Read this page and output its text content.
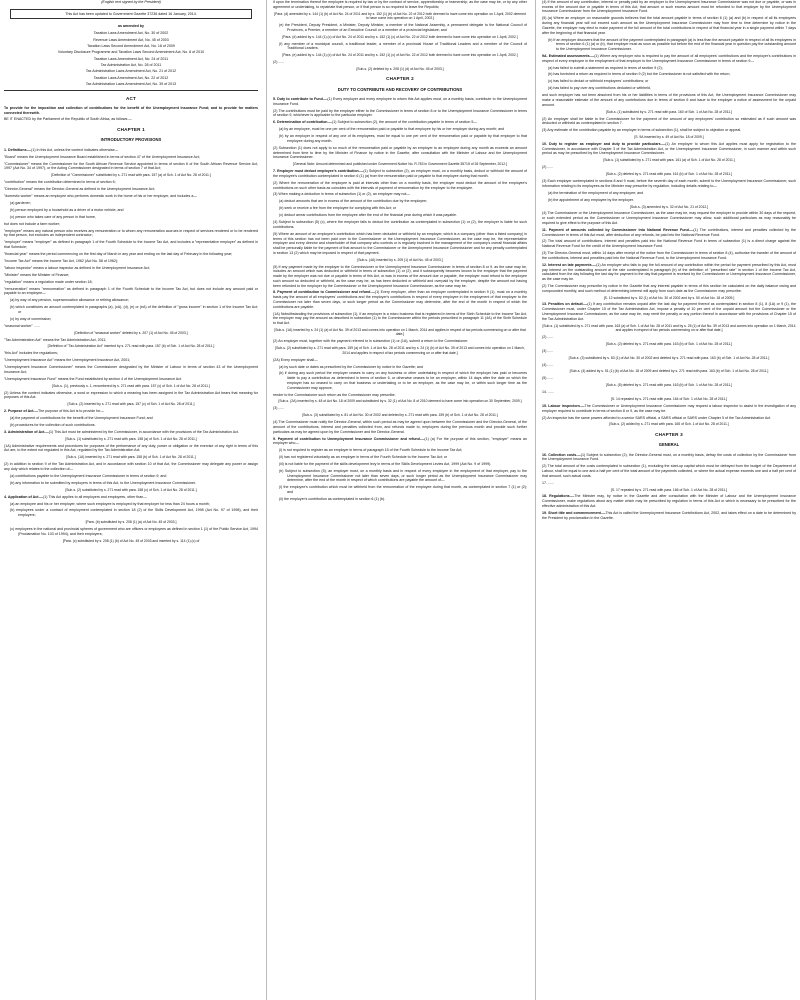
(English text signed by the President)

This Act has been updated to Government Gazette 37236 dated 16 January, 2014.

as amended by

Taxation Laws Amendment Act, No. 30 of 2002

Revenue Laws Amendment Act, No. 45 of 2003

Taxation Laws Second Amendment Act, No. 18 of 2009

Voluntary Disclosure Programme and Taxation Laws Second Amendment Act, No. 8 of 2010

Taxation Laws Amendment Act, No. 24 of 2011

Tax Administration Act, No. 28 of 2011

Tax Administration Laws Amendment Act, No. 21 of 2012

Taxation Laws Amendment Act, No. 22 of 2012

Tax Administration Laws Amendment Act, No. 39 of 2013

ACT

To provide for the imposition and collection of contributions for the benefit of the Unemployment Insurance Fund; and to provide for matters connected therewith.

BE IT ENACTED by the Parliament of the Republic of South Africa, as follows:—

CHAPTER 1
INTRODUCTORY PROVISIONS

1. Definitions.—(1) In this Act, unless the context indicates otherwise—

"Board" means the Unemployment Insurance Board established in terms of section 47 of the Unemployment Insurance Act;

"Commissioner" means the Commissioner for the South African Revenue Service appointed in terms of section 6 of the South African Revenue Service Act, 1997 (Act No. 34 of 1997), or the Acting Commissioner designated in terms of section 7 of that Act;

[Definition of "Commissioner" substituted by s. 271 read with para. 157 (a) of Sch. 1 of Act No. 28 of 2011.]

"contribution" means the contribution determined in terms of section 6;

"Director-General" means the Director-General as defined in the Unemployment Insurance Act;

"domestic worker" means an employee who performs domestic work in the home of his or her employer, and includes a—

(a) gardener;

(b) person employed by a household as a driver of a motor vehicle; and

(c) person who takes care of any person in that home,

but does not include a farm worker;

"employee" means any natural person who receives any remuneration or to whom any remuneration accrues in respect of services rendered or to be rendered by that person, but excludes an independent contractor;

"employer" means "employer" as defined in paragraph 1 of the Fourth Schedule to the Income Tax Act, and includes a "representative employer" as defined in that Schedule;

"financial year" means the period commencing on the first day of March in any year and ending on the last day of February in the following year;

"Income Tax Act" means the Income Tax Act, 1962 (Act No. 58 of 1962);

"labour inspector" means a labour inspector as defined in the Unemployment Insurance Act;

"Minister" means the Minister of Finance;

"regulation" means a regulation made under section 18;

"remuneration" means "remuneration" as defined in paragraph 1 of the Fourth Schedule to the Income Tax Act, but does not include any amount paid or payable to an employee—

(a) by way of any pension, superannuation allowance or retiring allowance;

(b) which constitutes an amount contemplated in paragraphs (a), (cA), (d), (e) or (eA) of the definition of "gross income" in section 1 of the Income Tax Act; or

(c) by way of commission;

"seasonal worker" ......

[Definition of "seasonal worker" deleted by s. 207 (1) of Act No. 45 of 2003.]

"Tax Administration Act" means the Tax Administration Act, 2011;

[Definition of "Tax Administration Act" inserted by s. 271 read with para. 157 (b) of Sch. 1 of Act No. 28 of 2011.]

"this Act" includes the regulations;

"Unemployment Insurance Act" means the Unemployment Insurance Act, 2001;

"Unemployment Insurance Commissioner" means the Commissioner designated by the Minister of Labour in terms of section 43 of the Unemployment Insurance Act;

"Unemployment Insurance Fund" means the Fund established by section 4 of the Unemployment Insurance Act.

[Sub-s. (1), previously s. 1, renumbered by s. 271 read with para. 157 (c) of Sch. 1 of Act No. 28 of 2011.]

(2) Unless the context indicates otherwise, a word or expression to which a meaning has been assigned in the Tax Administration Act bears that meaning for purposes of this Act.

[Sub-s. (2) inserted by s. 271 read with para. 157 (c) of Sch. 1 of Act No. 28 of 2011.]

2. Purpose of Act.—The purpose of this Act is to provide for—

(a) the payment of contributions for the benefit of the Unemployment Insurance Fund; and

(b) procedures for the collection of such contributions.

3. Administration of Act.—(1) This Act must be administered by the Commissioner, in accordance with the provisions of the Tax Administration Act.

[Sub-s. (1) substituted by s. 271 read with para. 158 (a) of Sch. 1 of Act No. 28 of 2011.]

(1A) Administrative requirements and procedures for purposes of the performance of any duty, power or obligation or the exercise of any right in terms of this Act are, to the extent not regulated in this Act, regulated by the Tax Administration Act.

[Sub-s. (1A) inserted by s. 271 read with para. 158 (b) of Sch. 1 of Act No. 28 of 2011.]

(2) In addition to section 9 of the Tax Administration Act, and in accordance with section 10 of that Act, the Commissioner may delegate any power or assign any duty which relates to the collection of—

(a) contributions payable to the Unemployment Insurance Commissioner in terms of section 9; and

(b) any information to be submitted by employers in terms of this Act, to the Unemployment Insurance Commissioner.

[Sub-s. (2) substituted by s. 271 read with para. 158 (c) of Sch. 1 of Act No. 28 of 2011.]

4. Application of Act.—(1) This Act applies to all employers and employees, other than—

(a) an employee and his or her employer, where such employee is employed by that employer for less than 24 hours a month;

(b) employees under a contract of employment contemplated in section 18 (2) of the Skills Development Act, 1998 (Act No. 97 of 1998), and their employers;

[Para. (b) substituted by s. 208 (1) (a) of Act No. 45 of 2003.]

(c) employees in the national and provincial spheres of government who are officers or employees as defined in section 1 (1) of the Public Service Act, 1994 (Proclamation No. 103 of 1994), and their employers;

[Para. (c) substituted by s. 208 (1) (b) of Act No. 45 of 2003 and inserted by s. 114 (1) (c) of

if upon the termination thereof the employee is required by law or by the contract of service, apprenticeship or learnership, as the case may be, or by any other agreement or undertaking, to repatriate that person, or if that person is so required to leave the Republic;

[Para. (d) amended by s. 144 (1) (b) of Act No. 24 of 2011 and by s. 152 (1) (b) of Act No. 22 of 2012 both deemed to have come into operation on 1 April, 2002 deemed to have come into operation on 1 April, 2002.]

(e) the President, Deputy President, a Minister, Deputy Minister, a member of the National Assembly, a permanent delegate to the National Council of Provinces, a Premier, a member of an Executive Council or a member of a provincial legislature; and

[Para. (d) added by s. 144 (1) (c) of Act No. 24 of 2011 and by s. 152 (1) (c) of Act No. 22 of 2012 both deemed to have come into operation on 1 April, 2002.]

(f) any member of a municipal council, a traditional leader, a member of a provincial House of Traditional Leaders and a member of the Council of Traditional Leaders.

[Para. (e) added by s. 144 (1) (c) of Act No. 24 of 2011 and by s. 152 (1) (c) of Act No. 22 of 2012 both deemed to have come into operation on 1 April, 2002.]

(2) ......

[Sub-s. (2) deleted by s. 208 (1) (d) of Act No. 45 of 2003.]

CHAPTER 2
DUTY TO CONTRIBUTE AND RECOVERY OF CONTRIBUTIONS

5. Duty to contribute to Fund.—(1) Every employer and every employee to whom this Act applies must, on a monthly basis, contribute to the Unemployment Insurance Fund.

(2) The contributions must be paid by the employer either to the Commissioner in terms of section 8 or to the Unemployment Insurance Commissioner in terms of section 9, whichever is applicable to the particular employer.

6. Determination of contribution.—(1) Subject to subsection (2), the amount of the contribution payable in terms of section 5—

(a) by an employee, must be one per cent of the remuneration paid or payable to that employee by his or her employer during any month; and

(b) by an employer in respect of any one of its employees, must be equal to one per cent of the remuneration paid or payable by that employer to that employee during any month.

(2) Subsection (1) does not apply to so much of the remuneration paid or payable by an employer to an employee during any month as exceeds an amount determined from time to time by the Minister of Finance by notice in the Gazette, after consultation with the Minister of Labour and the Unemployment Insurance Commissioner.

[General Note: Amount determined and published under Government Notice No. R.783 in Government Gazette 35715 of 26 September, 2012.]

7. Employer must deduct employee's contribution.—(1) Subject to subsection (2), an employer must, on a monthly basis, deduct or withhold the amount of the employee's contribution contemplated in section 6 (1) (a) from the remuneration paid or payable to that employee during that month.

(2) Where the remuneration of the employee is paid at intervals other than on a monthly basis, the employer must deduct the amount of the employee's contributions on such other basis as coincides with the intervals of payment of remuneration by the employer to the employee.

(3) When making a deduction in terms of subsection (1) or (2), an employer may not—

(a) deduct amounts that are in excess of the amount of the contribution due by the employee;

(b) seek or receive a fee from the employee for complying with this Act; or

(c) deduct arrear contributions from the employee after the end of the financial year during which it was payable.

(4) Subject to subsection (5) (c), where the employer fails to deduct the contribution as contemplated in subsection (1) or (2), the employer is liable for such contributions.

(5) Where an amount of an employee's contribution which has been deducted or withheld by an employer, which is a company (other than a listed company) in terms of this section has not been paid over to the Commissioner or the Unemployment Insurance Commissioner, as the case may be, the representative employer and every director and shareholder of that company who controls or is regularly involved in the management of the company's overall financial affairs shall be personally liable for the payment of that amount to the Commissioner or the Unemployment Insurance Commissioner and for any penalty contemplated in section 13 (2) which may be imposed in respect of that payment.

[Sub-s. (4A) inserted by s. 209 (1) of Act No. 45 of 2003.]

(5) If any payment made by the employer to the Commissioner or the Unemployment Insurance Commissioner in terms of section 8 or 9, as the case may be, includes an amount which was deducted or withheld in terms of subsection (1) or (2), and it subsequently becomes known to the employer that the payment made by the employer was not due or payable in terms of this Act, or was in excess of the amount due or payable, the employer must refund to the employee such amount so deducted or withheld, as the case may be, as has been deducted or withheld and overpaid by the employer, despite the amount not having been refunded to the employer by the Commissioner or the Unemployment Insurance Commissioner, as the case may be.

8. Payment of contribution to Commissioner and refund.—(1) Every employer, other than an employer contemplated in section 9 (1), must on a monthly basis pay the amount of all employees' contributions and the employer's contributions in respect of every employee in the employment of that employer to the Commissioner not later than seven days, or such longer period as the Commissioner may determine, after the end of the month in respect of which the contributions are payable.

(1A) Notwithstanding the provisions of subsection (1), if an employer is a micro business that is registered in terms of the Sixth Schedule to the Income Tax Act, the employer may pay the amount as described in subsection (1) to the Commissioner within the periods prescribed in paragraph 11 (4A) of the Sixth Schedule to that Act.

[Sub-s. (1A) inserted by s. 24 (1) (a) of Act No. 39 of 2013 and comes into operation on 1 March, 2014 and applies in respect of tax periods commencing on or after that date.]

(2) An employer must, together with the payment referred to in subsection (1) or (1A), submit a return to the Commissioner.

[Sub-s. (2) substituted by s. 271 read with para. 159 (a) of Sch. 1 of Act No. 28 of 2011 and by s. 24 (1) (b) of Act No. 39 of 2013 and comes into operation on 1 March, 2014 and applies in respect of tax periods commencing on or after that date.]

(2A) Every employer shall—

(a) by such date or dates as prescribed by the Commissioner by notice in the Gazette; and

(b) if during any such period the employer ceases to carry on any business or other undertaking in respect of which the employer has paid or becomes liable to pay a contribution as determined in terms of section 6, or otherwise ceases to be an employer, within 14 days after the date on which the employer has so ceased to carry on that business or undertaking or to be an employer, as the case may be, or within such longer time as the Commissioner may approve,

render to the Commissioner such return as the Commissioner may prescribe.

[Sub-s. (2A) inserted by s. 48 of Act No. 18 of 2009 and substituted by s. 32 (1) of Act No. 8 of 2010 deemed to have come into operation on 30 September, 2009.]

(3) ......

[Sub-s. (3) substituted by s. 81 of Act No. 30 of 2002 and deleted by s. 271 read with para. 159 (b) of Sch. 1 of Act No. 28 of 2011.]

(4) The Commissioner must notify the Director-General, within such period as may be agreed upon between the Commissioner and the Director-General, of the amount of the contributions, interest and penalties collected from, and refunds made to, employers during the previous month and provide such further particulars as may be agreed upon by the Commissioner and the Director-General.

9. Payment of contribution to Unemployment Insurance Commissioner and refund.—(1) (a) For the purpose of this section, "employer" means an employer who—

(i) is not required to register as an employer in terms of paragraph 15 of the Fourth Schedule to the Income Tax Act;

(ii) has not registered voluntarily as an employer in terms of the Fourth Schedule to the Income Tax Act; or

(iii) is not liable for the payment of the skills development levy in terms of the Skills Development Levies Act, 1999 (Act No. 9 of 1999).

(b) Subject to subsection (5), an employer must, on a monthly basis and in respect of every employee in the employment of that employer, pay to the Unemployment Insurance Commissioner not later than seven days, or such longer period as the Unemployment Insurance Commissioner may determine, after the end of the month in respect of which contributions are payable the amount of—

(i) the employee's contribution which must be withheld from the remuneration of the employee during that month, as contemplated in section 7 (1) or (2); and

(ii) the employer's contribution as contemplated in section 6 (1) (b).

(4) If the amount of any contribution, interest or penalty paid by an employer to the Unemployment Insurance Commissioner was not due or payable, or was in excess of the amount due or payable in terms of this Act, that amount or such excess amount must be refunded to that employer by the Unemployment Insurance Commissioner from the Unemployment Insurance Fund.

(5) (a) Where an employer on reasonable grounds believes that the total amount payable in terms of section 6 (1) (a) and (b) in respect of all its employees during any financial year will not exceed such amount as the Unemployment Insurance Commissioner may from time to time determine by notice in the Gazette, the employer may elect to make payment of the full amount of the total contributions in respect of that financial year in a single payment within 7 days after the beginning of that financial year.

(b) If an employer discovers that the amount of the payment contemplated in paragraph (a) is less than the amount payable in respect of all its employees in terms of section 6 (1) (a) or (b), that employer must as soon as possible but before the end of the financial year in question pay the outstanding amount to the Unemployment Insurance Commissioner.

9A. Estimated assessments.—(1) Where any employer who is required to pay the amount of all employees' contributions and the employer's contributions in respect of every employee in the employment of that employer to the Unemployment Insurance Commissioner in terms of section 9—

(a) has failed to submit a statement as required in terms of section 9 (2);

(b) has furnished a return as required in terms of section 9 (2) but the Commissioner is not satisfied with the return;

(c) has failed to deduct or withhold employees' contributions; or

(d) has failed to pay over any contributions deducted or withheld,

and such employer has not been absolved from his or her liabilities in terms of the provisions of this Act, the Unemployment Insurance Commissioner may make a reasonable estimate of the amount of any contributions due in terms of section 6 and issue to the employer a notice of assessment for the unpaid amount.

[Sub-s. (1) substituted by s. 271 read with para. 160 of Sch. 1 of Act No. 28 of 2011.]

(2) An employer shall be liable to the Commissioner for the payment of the amount of any employees' contribution so estimated as if such amount was deducted or withheld as contemplated in section 7.

(3) Any estimate of the contribution payable by an employer in terms of subsection (1), shall be subject to objection or appeal.

[S. 9A inserted by s. 49 of Act No. 18 of 2009.]

10. Duty to register as employer and duty to provide particulars.—(1) An employer to whom this Act applies must apply for registration to the Commissioner, in accordance with Chapter 3 of the Tax Administration Act, or the Unemployment Insurance Commissioner, in such manner and within such period as may be prescribed by the Unemployment Insurance Commissioner.

[Sub-s. (1) substituted by s. 271 read with para. 161 (a) of Sch. 1 of Act No. 28 of 2011.]

(2) ......

[Sub-s. (2) deleted by s. 271 read with para. 161 (b) of Sch. 1 of Act No. 28 of 2011.]

(3) Each employer contemplated in sections 8 and 9 must, before the seventh day of each month, submit to the Unemployment Insurance Commissioner, such information relating to its employees as the Minister may prescribe by regulation, including details relating to—

(a) the termination of the employment of any employee; and

(b) the appointment of any employee by the employer.

[Sub-s. (3) amended by s. 32 of Act No. 21 of 2012.]

(4) The Commissioner or the Unemployment Insurance Commissioner, as the case may be, may request the employer to provide within 30 days of the request, or such extended period as the Commissioner or Unemployment Insurance Commissioner may allow, such additional particulars as may reasonably be required to give effect to the purpose of this Act.

11. Payment of amounts collected by Commissioner into National Revenue Fund.—(1) The contributions, interest and penalties collected by the Commissioner in terms of this Act must, after deduction of any refunds, be paid into the National Revenue Fund.

(2) The total amount of contributions, interest and penalties paid into the National Revenue Fund in terms of subsection (1) is a direct charge against the National Revenue Fund for the credit of the Unemployment Insurance Fund.

(3) The Director-General must, within 14 days after receipt of the notice from the Commissioner in terms of section 8 (4), authorise the transfer of the amount of the contributions, interest and penalties paid into the National Revenue Fund, to the Unemployment Insurance Fund.

12. Interest on late payments.—(1) An employer who fails to pay the full amount of any contribution within the period for payment prescribed by this Act, must pay interest on the outstanding amount at the rate contemplated in paragraph (b) of the definition of "prescribed rate" in section 1 of the Income Tax Act, calculated from the day following the last day for payment to the day that payment is received by the Commissioner or Unemployment Insurance Commissioner, as the case may be.

(2) The Commissioner may prescribe by notice in the Gazette that any interest payable in terms of this section be calculated on the daily balance owing and compounded monthly, and such method of determining interest will apply from such date as the Commissioner may prescribe.

[S. 12 substituted by s. 82 (1) of Act No. 30 of 2002 and by s. 50 of Act No. 18 of 2009.]

13. Penalties on default.—(1) If any contribution remains unpaid after the last day for payment thereof as contemplated in section 8 (1), 8 (1A) or 9 (1), the Commissioner must, under Chapter 15 of the Tax Administration Act, impose a penalty of 10 per cent of the unpaid amount but the Commissioner or the Unemployment Insurance Commissioner, as the case may be, may remit the penalty or any portion thereof in accordance with the provisions of Chapter 15 of the Tax Administration Act.

[Sub-s. (1) substituted by s. 271 read with para. 163 (a) of Sch. 1 of Act No. 28 of 2011 and by s. 25 (1) of Act No. 39 of 2013 and comes into operation on 1 March, 2014 and applies in respect of tax periods commencing on or after that date.]

(2) ......

[Sub-s. (2) deleted by s. 271 read with para. 163 (b) of Sch. 1 of Act No. 28 of 2011.]

(3) ......

[Sub-s. (3) substituted by s. 83 (1) of Act No. 30 of 2002 and deleted by s. 271 read with para. 163 (b) of Sch. 1 of Act No. 28 of 2011.]

(4) ......

[Sub-s. (4) added by s. 51 (1) (b) of Act No. 18 of 2009 and deleted by s. 271 read with para. 163 (b) of Sch. 1 of Act No. 28 of 2011.]

(5) ......

[Sub-s. (5) deleted by s. 271 read with para. 163 (b) of Sch. 1 of Act No. 28 of 2011.]

14. ......

[S. 14 repealed by s. 271 read with para. 164 of Sch. 1 of Act No. 28 of 2011.]

15. Labour inspectors.—The Commissioner or Unemployment Insurance Commissioner may request a labour inspector to assist in the investigation of any employer required to contribute in terms of section 8 or 9, as the case may be.

(2) An inspector has the same powers afforded to a senior SARS official, a SARS official or SARS under Chapter 5 of the Tax Administration Act.

[Sub-s. (2) added by s. 271 read with para. 165 of Sch. 1 of Act No. 28 of 2011.]

CHAPTER 3
GENERAL

16. Collection costs.—(1) Subject to subsection (2), the Director-General must, on a monthly basis, defray the costs of collection by the Commissioner from the Unemployment Insurance Fund.

(2) The total amount of the costs contemplated in subsection (1), excluding the start-up capital which must be defrayed from the budget of the Department of Labour, shall be equal to one and a half per cent of the total amount of the payments collected, or where the actual expense exceeds one and a half per cent of that amount, such actual costs.

17. ......

[S. 17 repealed by s. 271 read with para. 166 of Sch. 1 of Act No. 28 of 2011.]

18. Regulations.—The Minister may, by notice in the Gazette and after consultation with the Minister of Labour and the Unemployment Insurance Commissioner, make regulations about any matter which may be prescribed by regulation in terms of this Act or which is necessary to be prescribed for the effective administration of this Act.

19. Short title and commencement.—This Act is called the Unemployment Insurance Contributions Act, 2002, and takes effect on a date to be determined by the President by proclamation in the Gazette.
